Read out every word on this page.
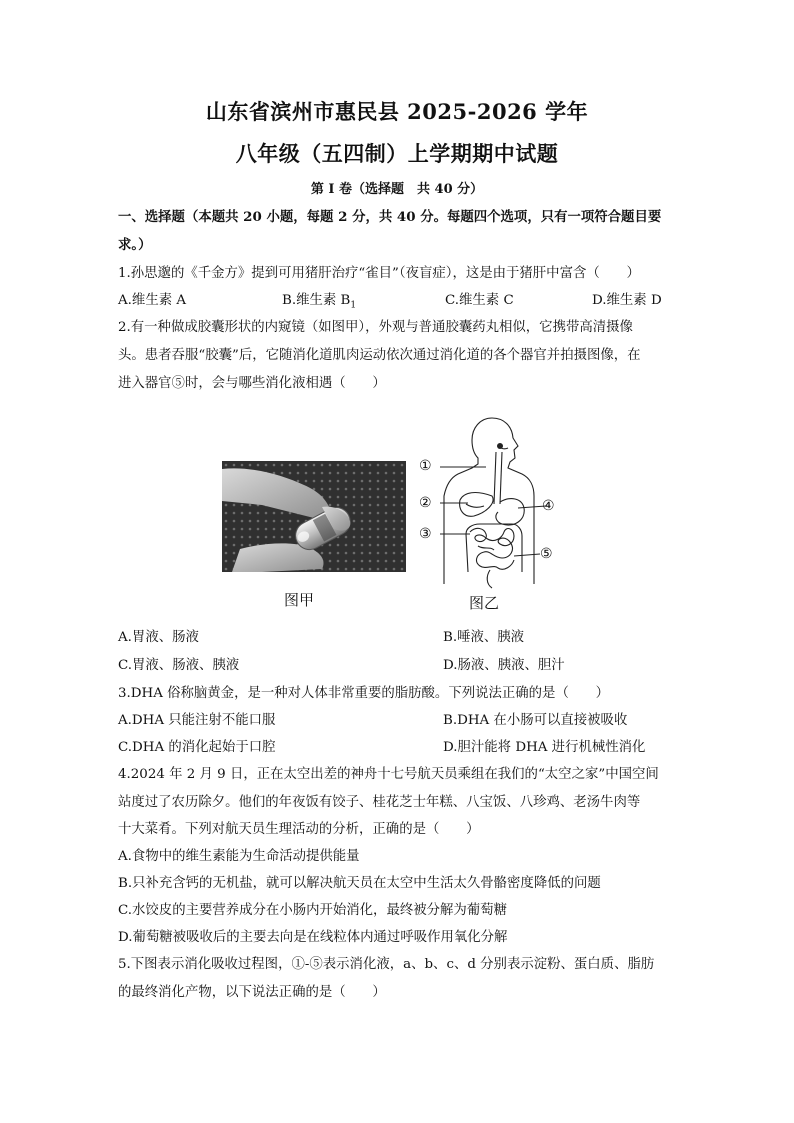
山东省滨州市惠民县 2025-2026 学年
八年级（五四制）上学期期中试题
第 I 卷（选择题　共 40 分）
一、选择题（本题共 20 小题，每题 2 分，共 40 分。每题四个选项，只有一项符合题目要
求。）
1.孙思邈的《千金方》提到可用猪肝治疗“雀目”（夜盲症），这是由于猪肝中富含（　　）
A.维生素 A	B.维生素 $B_1$	C.维生素 C	D.维生素 D
2.有一种做成胶囊形状的内窥镜（如图甲），外观与普通胶囊药丸相似，它携带高清摄像
头。患者吞服“胶囊”后，它随消化道肌肉运动依次通过消化道的各个器官并拍摄图像，在
进入器官⑤时，会与哪些消化液相遇（　　）
图甲
①
②
③
④
⑤
图乙
A.胃液、肠液	B.唾液、胰液
C.胃液、肠液、胰液	D.肠液、胰液、胆汁
3.DHA 俗称脑黄金，是一种对人体非常重要的脂肪酸。下列说法正确的是（　　）
A.DHA 只能注射不能口服	B.DHA 在小肠可以直接被吸收
C.DHA 的消化起始于口腔	D.胆汁能将 DHA 进行机械性消化
4.2024 年 2 月 9 日，正在太空出差的神舟十七号航天员乘组在我们的“太空之家”中国空间
站度过了农历除夕。他们的年夜饭有饺子、桂花芝士年糕、八宝饭、八珍鸡、老汤牛肉等
十大菜肴。下列对航天员生理活动的分析，正确的是（　　）
A.食物中的维生素能为生命活动提供能量
B.只补充含钙的无机盐，就可以解决航天员在太空中生活太久骨骼密度降低的问题
C.水饺皮的主要营养成分在小肠内开始消化，最终被分解为葡萄糖
D.葡萄糖被吸收后的主要去向是在线粒体内通过呼吸作用氧化分解
5.下图表示消化吸收过程图，①-⑤表示消化液，a、b、c、d 分别表示淀粉、蛋白质、脂肪
的最终消化产物，以下说法正确的是（　　）
